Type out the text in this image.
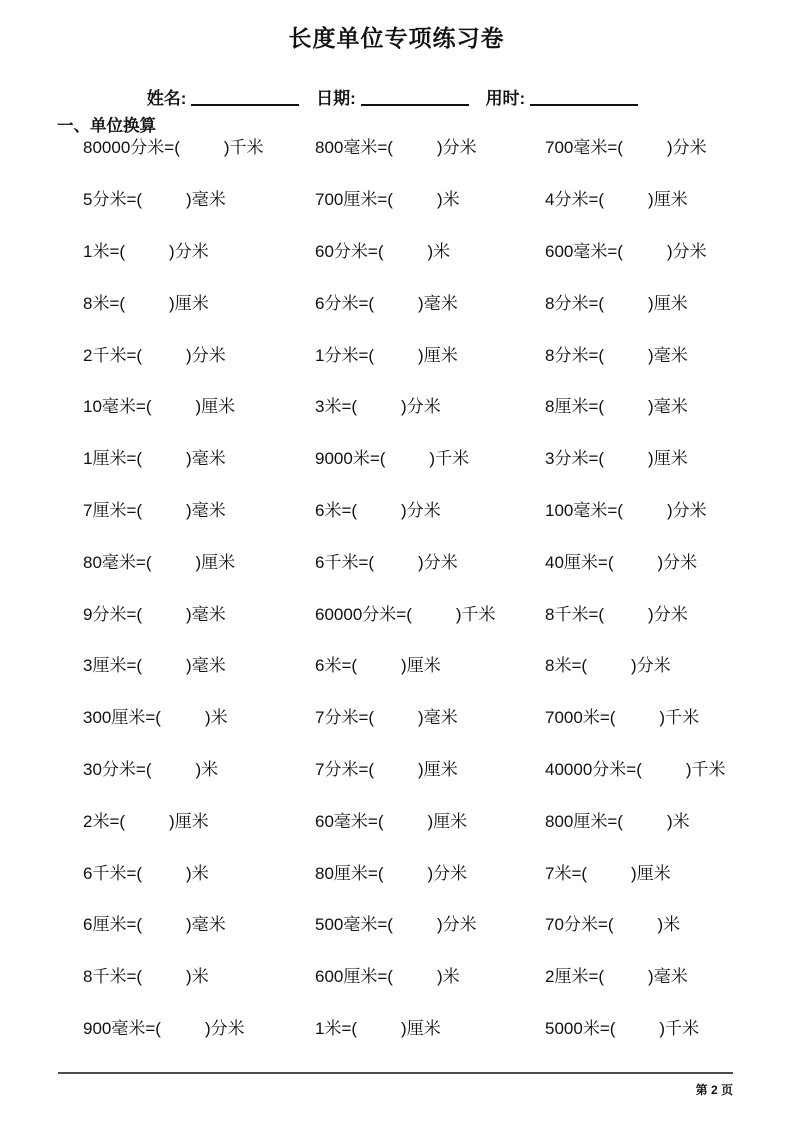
长度单位专项练习卷
姓名:	日期:	用时:
一、单位换算
80000分米=(	)千米	800毫米=(	)分米	700毫米=(	)分米
5分米=(	)毫米	700厘米=(	)米	4分米=(	)厘米
1米=(	)分米	60分米=(	)米	600毫米=(	)分米
8米=(	)厘米	6分米=(	)毫米	8分米=(	)厘米
2千米=(	)分米	1分米=(	)厘米	8分米=(	)毫米
10毫米=(	)厘米	3米=(	)分米	8厘米=(	)毫米
1厘米=(	)毫米	9000米=(	)千米	3分米=(	)厘米
7厘米=(	)毫米	6米=(	)分米	100毫米=(	)分米
80毫米=(	)厘米	6千米=(	)分米	40厘米=(	)分米
9分米=(	)毫米	60000分米=(	)千米	8千米=(	)分米
3厘米=(	)毫米	6米=(	)厘米	8米=(	)分米
300厘米=(	)米	7分米=(	)毫米	7000米=(	)千米
30分米=(	)米	7分米=(	)厘米	40000分米=(	)千米
2米=(	)厘米	60毫米=(	)厘米	800厘米=(	)米
6千米=(	)米	80厘米=(	)分米	7米=(	)厘米
6厘米=(	)毫米	500毫米=(	)分米	70分米=(	)米
8千米=(	)米	600厘米=(	)米	2厘米=(	)毫米
900毫米=(	)分米	1米=(	)厘米	5000米=(	)千米
第 2 页
